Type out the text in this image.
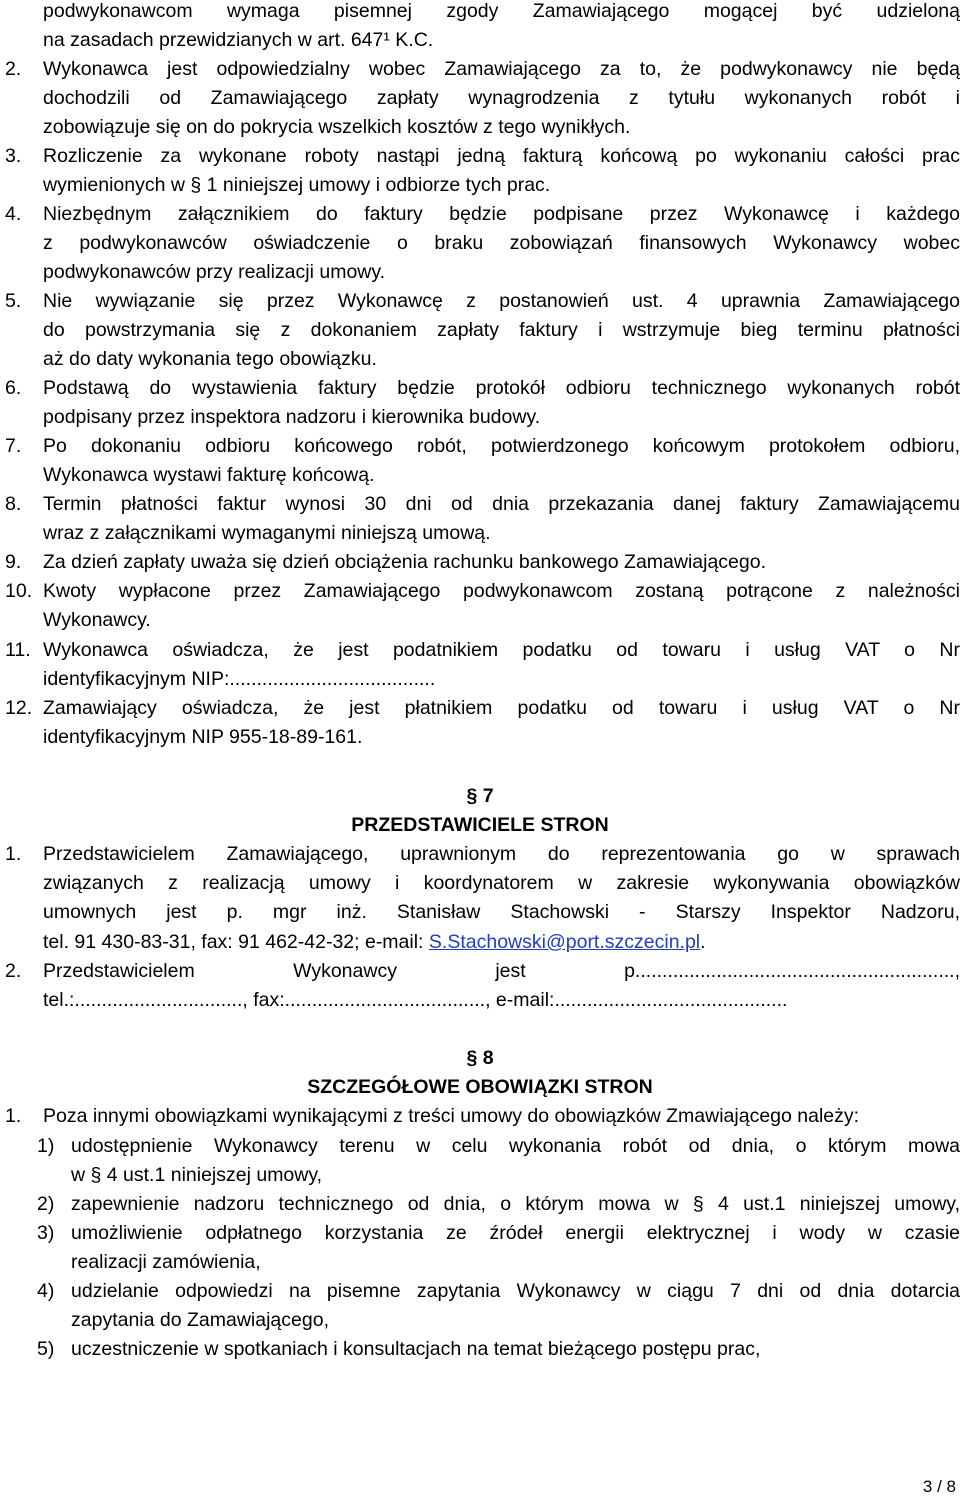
podwykonawcom wymaga pisemnej zgody Zamawiającego mogącej być udzieloną
na zasadach przewidzianych w art. 647¹ K.C.
2. Wykonawca jest odpowiedzialny wobec Zamawiającego za to, że podwykonawcy nie będą
dochodzili od Zamawiającego zapłaty wynagrodzenia z tytułu wykonanych robót i
zobowiązuje się on do pokrycia wszelkich kosztów z tego wynikłych.
3. Rozliczenie za wykonane roboty nastąpi jedną fakturą końcową po wykonaniu całości prac
wymienionych w § 1 niniejszej umowy i odbiorze tych prac.
4. Niezbędnym załącznikiem do faktury będzie podpisane przez Wykonawcę i każdego
z podwykonawców oświadczenie o braku zobowiązań finansowych Wykonawcy wobec
podwykonawców przy realizacji umowy.
5. Nie wywiązanie się przez Wykonawcę z postanowień ust. 4 uprawnia Zamawiającego
do powstrzymania się z dokonaniem zapłaty faktury i wstrzymuje bieg terminu płatności
aż do daty wykonania tego obowiązku.
6. Podstawą do wystawienia faktury będzie protokół odbioru technicznego wykonanych robót
podpisany przez inspektora nadzoru i kierownika budowy.
7. Po dokonaniu odbioru końcowego robót, potwierdzonego końcowym protokołem odbioru,
Wykonawca wystawi fakturę końcową.
8. Termin płatności faktur wynosi 30 dni od dnia przekazania danej faktury Zamawiającemu
wraz z załącznikami wymaganymi niniejszą umową.
9. Za dzień zapłaty uważa się dzień obciążenia rachunku bankowego Zamawiającego.
10. Kwoty wypłacone przez Zamawiającego podwykonawcom zostaną potrącone z należności
Wykonawcy.
11. Wykonawca oświadcza, że jest podatnikiem podatku od towaru i usług VAT o Nr
identyfikacyjnym NIP:......................................
12. Zamawiający oświadcza, że jest płatnikiem podatku od towaru i usług VAT o Nr
identyfikacyjnym NIP 955-18-89-161.
§ 7
PRZEDSTAWICIELE STRON
1. Przedstawicielem Zamawiającego, uprawnionym do reprezentowania go w sprawach
związanych z realizacją umowy i koordynatorem w zakresie wykonywania obowiązków
umownych jest p. mgr inż. Stanisław Stachowski - Starszy Inspektor Nadzoru,
tel. 91 430-83-31, fax: 91 462-42-32; e-mail: S.Stachowski@port.szczecin.pl.
2. Przedstawicielem Wykonawcy jest p...........................................................,
tel.:..............................., fax:....................................., e-mail:...........................................
§ 8
SZCZEGÓŁOWE OBOWIĄZKI STRON
1. Poza innymi obowiązkami wynikającymi z treści umowy do obowiązków Zmawiającego należy:
1) udostępnienie Wykonawcy terenu w celu wykonania robót od dnia, o którym mowa
w § 4 ust.1 niniejszej umowy,
2) zapewnienie nadzoru technicznego od dnia, o którym mowa w § 4 ust.1 niniejszej umowy,
3) umożliwienie odpłatnego korzystania ze źródeł energii elektrycznej i wody w czasie
realizacji zamówienia,
4) udzielanie odpowiedzi na pisemne zapytania Wykonawcy w ciągu 7 dni od dnia dotarcia
zapytania do Zamawiającego,
5) uczestniczenie w spotkaniach i konsultacjach na temat bieżącego postępu prac,
3 / 8
